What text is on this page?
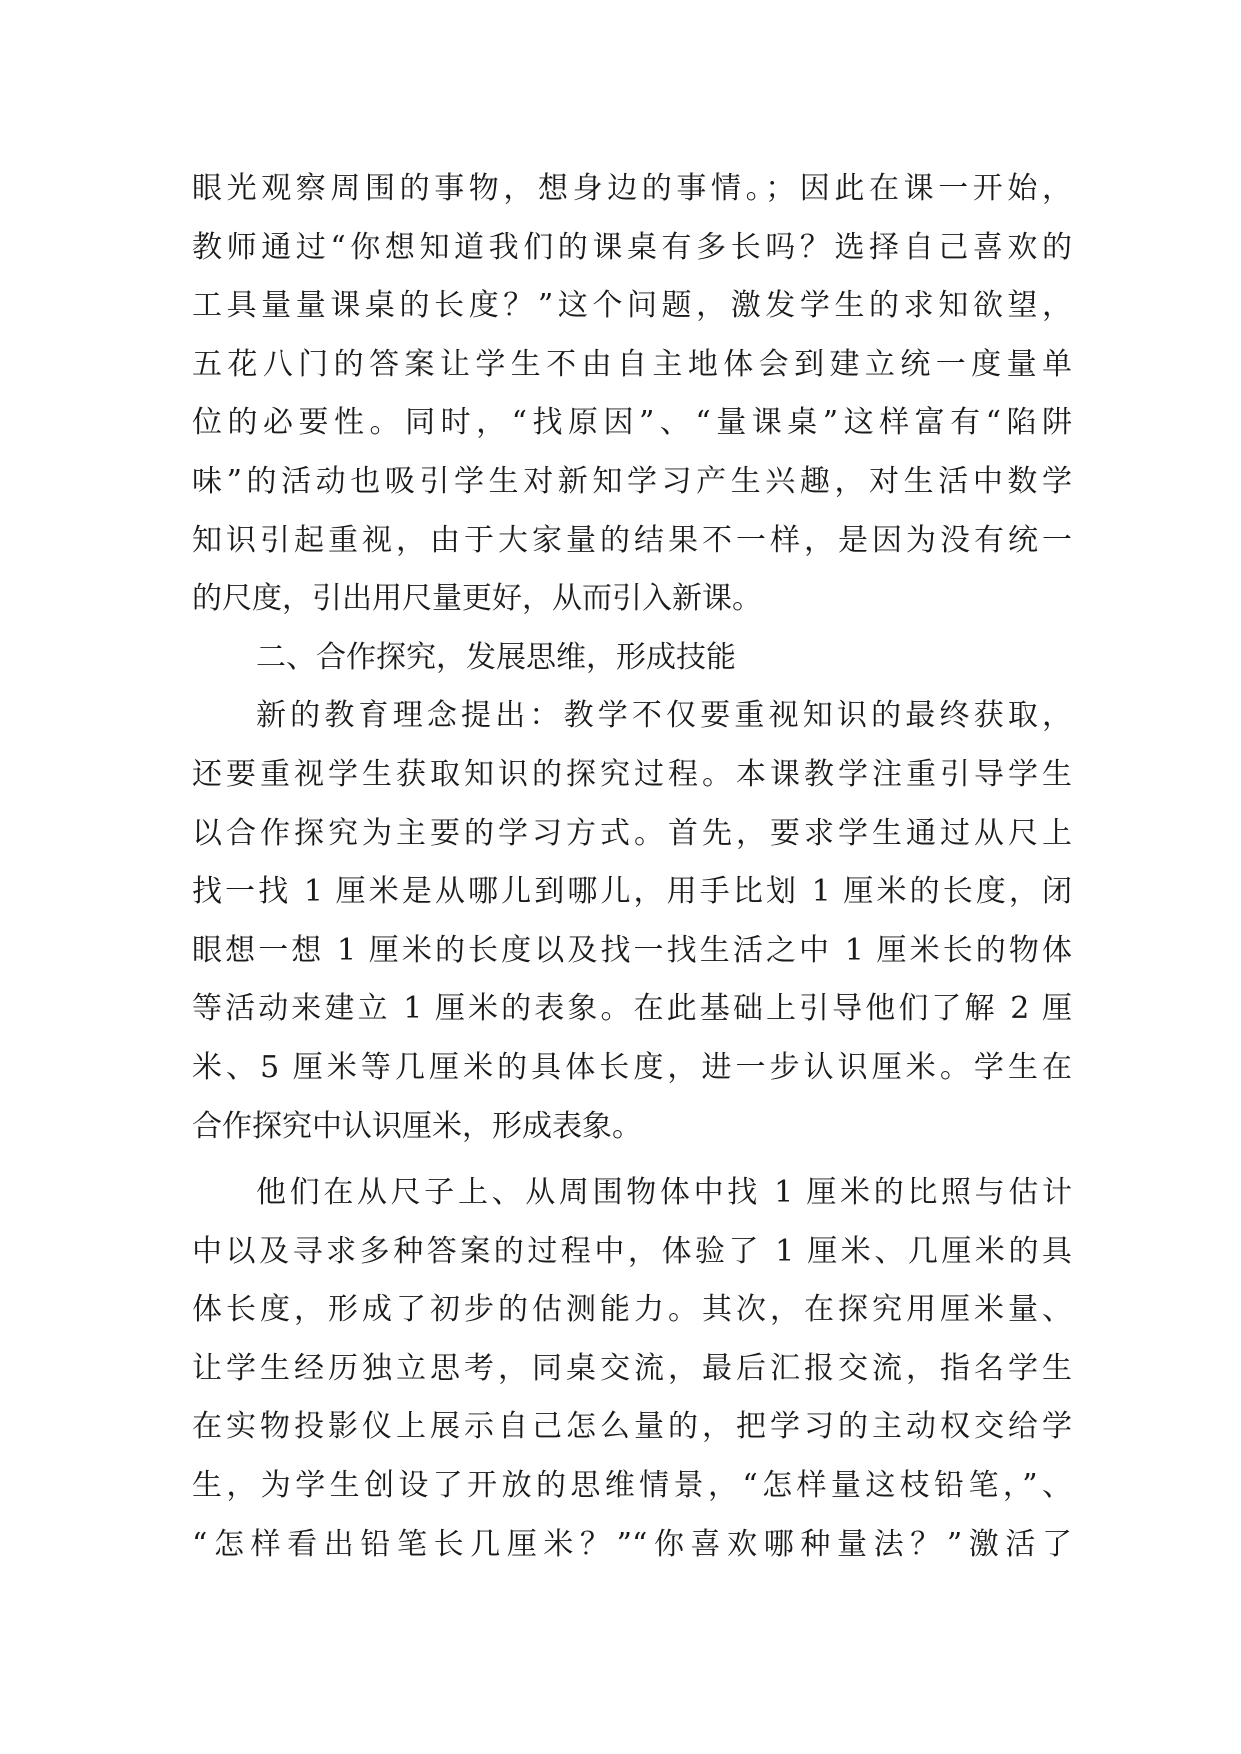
眼光观察周围的事物，想身边的事情。；因此在课一开始，
教师通过“你想知道我们的课桌有多长吗？选择自己喜欢的
工具量量课桌的长度？”这个问题，激发学生的求知欲望，
五花八门的答案让学生不由自主地体会到建立统一度量单
位的必要性。同时，“找原因”、“量课桌”这样富有“陷阱
味”的活动也吸引学生对新知学习产生兴趣，对生活中数学
知识引起重视，由于大家量的结果不一样，是因为没有统一
的尺度，引出用尺量更好，从而引入新课。
二、合作探究，发展思维，形成技能
新的教育理念提出：教学不仅要重视知识的最终获取，
还要重视学生获取知识的探究过程。本课教学注重引导学生
以合作探究为主要的学习方式。首先，要求学生通过从尺上
找一找 1 厘米是从哪儿到哪儿，用手比划 1 厘米的长度，闭
眼想一想 1 厘米的长度以及找一找生活之中 1 厘米长的物体
等活动来建立 1 厘米的表象。在此基础上引导他们了解 2 厘
米、5 厘米等几厘米的具体长度，进一步认识厘米。学生在
合作探究中认识厘米，形成表象。
他们在从尺子上、从周围物体中找 1 厘米的比照与估计
中以及寻求多种答案的过程中，体验了 1 厘米、几厘米的具
体长度，形成了初步的估测能力。其次，在探究用厘米量、
让学生经历独立思考，同桌交流，最后汇报交流，指名学生
在实物投影仪上展示自己怎么量的，把学习的主动权交给学
生，为学生创设了开放的思维情景，“怎样量这枝铅笔，”、
“怎样看出铅笔长几厘米？”“你喜欢哪种量法？”激活了
